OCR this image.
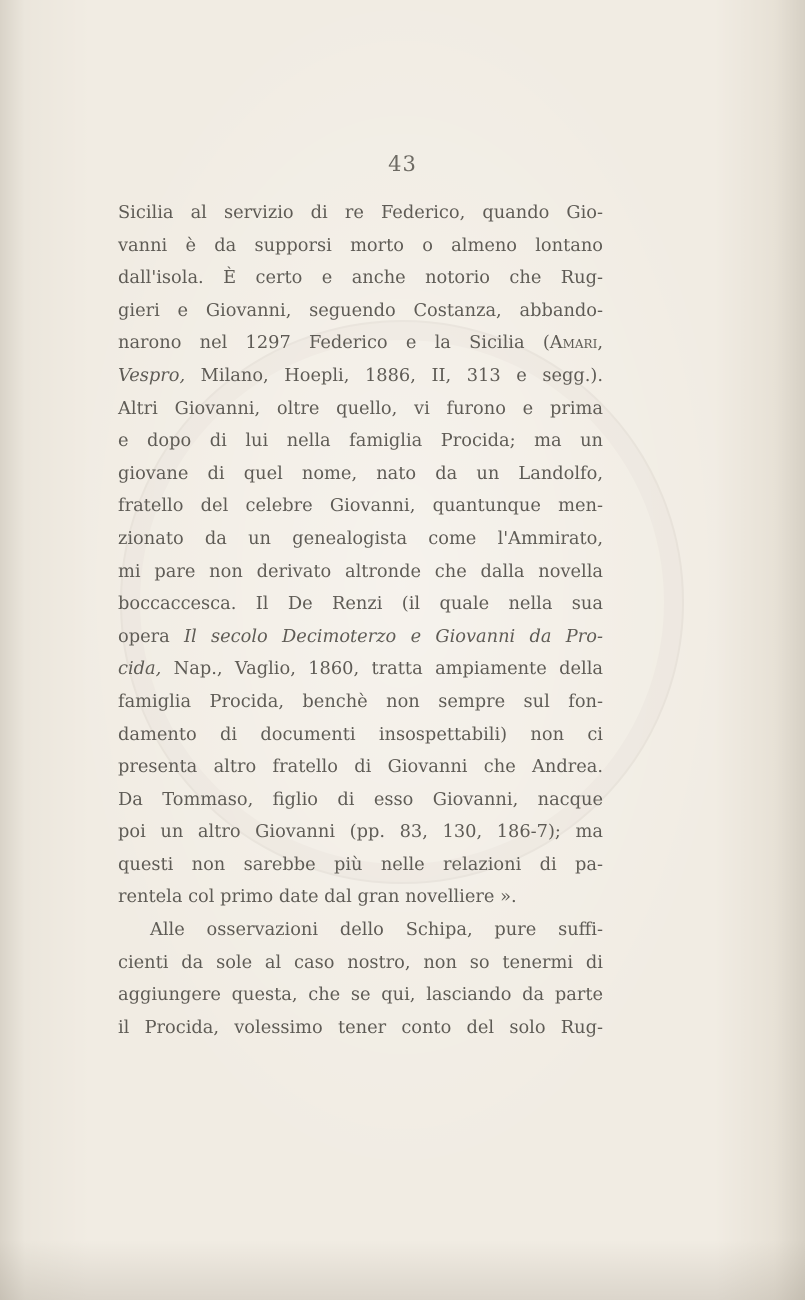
43
Sicilia al servizio di re Federico, quando Gio-
vanni è da supporsi morto o almeno lontano
dall'isola. È certo e anche notorio che Rug-
gieri e Giovanni, seguendo Costanza, abbando-
narono nel 1297 Federico e la Sicilia (Amari,
Vespro, Milano, Hoepli, 1886, II, 313 e segg.).
Altri Giovanni, oltre quello, vi furono e prima
e dopo di lui nella famiglia Procida; ma un
giovane di quel nome, nato da un Landolfo,
fratello del celebre Giovanni, quantunque men-
zionato da un genealogista come l'Ammirato,
mi pare non derivato altronde che dalla novella
boccaccesca. Il De Renzi (il quale nella sua
opera Il secolo Decimoterzo e Giovanni da Pro-
cida, Nap., Vaglio, 1860, tratta ampiamente della
famiglia Procida, benchè non sempre sul fon-
damento di documenti insospettabili) non ci
presenta altro fratello di Giovanni che Andrea.
Da Tommaso, figlio di esso Giovanni, nacque
poi un altro Giovanni (pp. 83, 130, 186-7); ma
questi non sarebbe più nelle relazioni di pa-
rentela col primo date dal gran novelliere ».
Alle osservazioni dello Schipa, pure suffi-
cienti da sole al caso nostro, non so tenermi di
aggiungere questa, che se qui, lasciando da parte
il Procida, volessimo tener conto del solo Rug-
